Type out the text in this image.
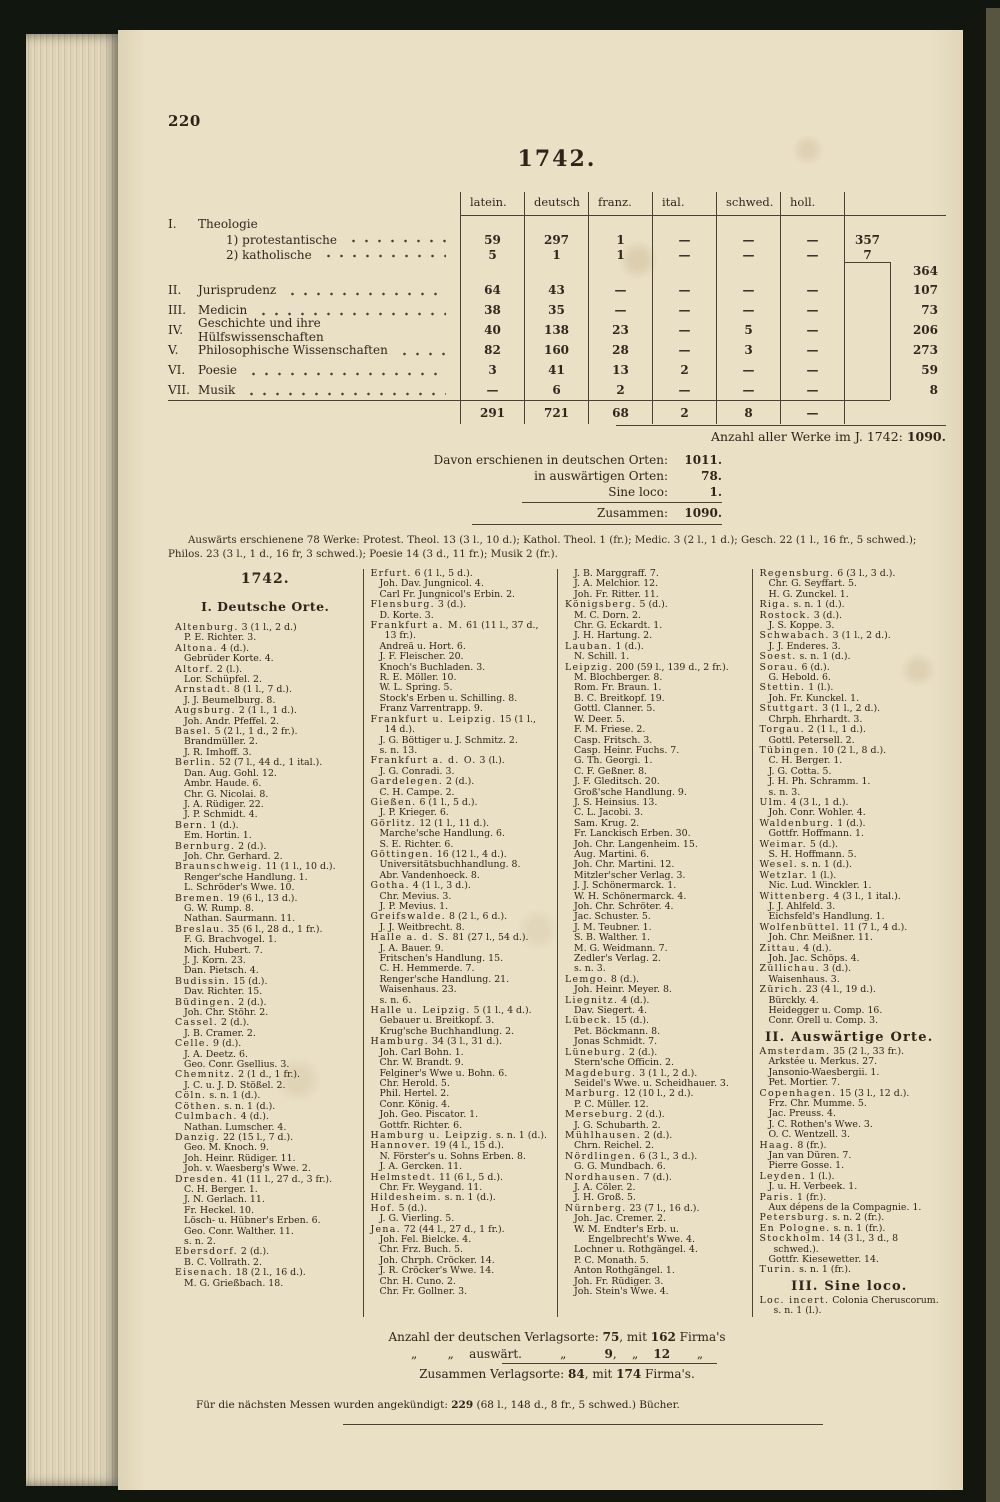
220
1742.
latein.	deutsch	franz.	ital.	schwed.	holl.
I.	Theologie
1) protestantische	59	297	1	—	—	—	357
2) katholische	5	1	1	—	—	—	7
364
II.	Jurisprudenz	64	43	—	—	—	—	107
III. Medicin	38	35	—	—	—	—	73
IV.	Geschichte und ihre Hülfswissenschaften	40	138	23	—	5	—	206
V.	Philosophische Wissenschaften	82	160	28	—	3	—	273
VI.	Poesie	3	41	13	2	—	—	59
VII. Musik	—	6	2	—	—	—	8
291	721	68	2	8	—
Anzahl aller Werke im J. 1742: 1090.
Davon erschienen in deutschen Orten:	1011.
in auswärtigen Orten:	78.
Sine loco:	1.
Zusammen:	1090.

Auswärts erschienene 78 Werke: Protest. Theol. 13 (3 l., 10 d.); Kathol. Theol. 1 (fr.); Medic. 3 (2 l., 1 d.); Gesch. 22 (1 l., 16 fr., 5 schwed.); Philos. 23 (3 l., 1 d., 16 fr, 3 schwed.); Poesie 14 (3 d., 11 fr.); Musik 2 (fr.).

1742.
I. Deutsche Orte.
Altenburg. 3 (1 l., 2 d.)
P. E. Richter. 3.
Altona. 4 (d.).
Gebrüder Korte. 4.
Altorf. 2 (l.).
Lor. Schüpfel. 2.
Arnstadt. 8 (1 l., 7 d.).
J. J. Beumelburg. 8.
Augsburg. 2 (1 l., 1 d.).
Joh. Andr. Pfeffel. 2.
Basel. 5 (2 l., 1 d., 2 fr.).
Brandmüller. 2.
J. R. Imhoff. 3.
Berlin. 52 (7 l., 44 d., 1 ital.).
Dan. Aug. Gohl. 12.
Ambr. Haude. 6.
Chr. G. Nicolai. 8.
J. A. Rüdiger. 22.
J. P. Schmidt. 4.
Bern. 1 (d.).
Em. Hortin. 1.
Bernburg. 2 (d.).
Joh. Chr. Gerhard. 2.
Braunschweig. 11 (1 l., 10 d.).
Renger'sche Handlung. 1.
L. Schröder's Wwe. 10.
Bremen. 19 (6 l., 13 d.).
G. W. Rump. 8.
Nathan. Saurmann. 11.
Breslau. 35 (6 l., 28 d., 1 fr.).
F. G. Brachvogel. 1.
Mich. Hubert. 7.
J. J. Korn. 23.
Dan. Pietsch. 4.
Budissin. 15 (d.).
Dav. Richter. 15.
Büdingen. 2 (d.).
Joh. Chr. Stöhr. 2.
Cassel. 2 (d.).
J. B. Cramer. 2.
Celle. 9 (d.).
J. A. Deetz. 6.
Geo. Conr. Gsellius. 3.
Chemnitz. 2 (1 d., 1 fr.).
J. C. u. J. D. Stößel. 2.
Cöln. s. n. 1 (d.).
Cöthen. s. n. 1 (d.).
Culmbach. 4 (d.).
Nathan. Lumscher. 4.
Danzig. 22 (15 l., 7 d.).
Geo. M. Knoch. 9.
Joh. Heinr. Rüdiger. 11.
Joh. v. Waesberg's Wwe. 2.
Dresden. 41 (11 l., 27 d., 3 fr.).
C. H. Berger. 1.
J. N. Gerlach. 11.
Fr. Heckel. 10.
Lösch- u. Hübner's Erben. 6.
Geo. Conr. Walther. 11.
s. n. 2.
Ebersdorf. 2 (d.).
B. C. Vollrath. 2.
Eisenach. 18 (2 l., 16 d.).
M. G. Grießbach. 18.
Erfurt. 6 (1 l., 5 d.).
Joh. Dav. Jungnicol. 4.
Carl Fr. Jungnicol's Erbin. 2.
Flensburg. 3 (d.).
D. Korte. 3.
Frankfurt a. M. 61 (11 l., 37 d., 13 fr.).
Andreä u. Hort. 6.
J. F. Fleischer. 20.
Knoch's Buchladen. 3.
R. E. Möller. 10.
W. L. Spring. 5.
Stock's Erben u. Schilling. 8.
Franz Varrentrapp. 9.
Frankfurt u. Leipzig. 15 (1 l., 14 d.).
J. G. Böttiger u. J. Schmitz. 2.
s. n. 13.
Frankfurt a. d. O. 3 (l.).
J. G. Conradi. 3.
Gardelegen. 2 (d.).
C. H. Campe. 2.
Gießen. 6 (1 l., 5 d.).
J. P. Krieger. 6.
Görlitz. 12 (1 l., 11 d.).
Marche'sche Handlung. 6.
S. E. Richter. 6.
Göttingen. 16 (12 l., 4 d.).
Universitätsbuchhandlung. 8.
Abr. Vandenhoeck. 8.
Gotha. 4 (1 l., 3 d.).
Chr. Mevius. 3.
J. P. Mevius. 1.
Greifswalde. 8 (2 l., 6 d.).
J. J. Weitbrecht. 8.
Halle a. d. S. 81 (27 l., 54 d.).
J. A. Bauer. 9.
Fritschen's Handlung. 15.
C. H. Hemmerde. 7.
Renger'sche Handlung. 21.
Waisenhaus. 23.
s. n. 6.
Halle u. Leipzig. 5 (1 l., 4 d.).
Gebauer u. Breitkopf. 3.
Krug'sche Buchhandlung. 2.
Hamburg. 34 (3 l., 31 d.).
Joh. Carl Bohn. 1.
Chr. W. Brandt. 9.
Felginer's Wwe u. Bohn. 6.
Chr. Herold. 5.
Phil. Hertel. 2.
Conr. König. 4.
Joh. Geo. Piscator. 1.
Gottfr. Richter. 6.
Hamburg u. Leipzig. s. n. 1 (d.).
Hannover. 19 (4 l., 15 d.).
N. Förster's u. Sohns Erben. 8.
J. A. Gercken. 11.
Helmstedt. 11 (6 l., 5 d.).
Chr. Fr. Weygand. 11.
Hildesheim. s. n. 1 (d.).
Hof. 5 (d.).
J. G. Vierling. 5.
Jena. 72 (44 l., 27 d., 1 fr.).
Joh. Fel. Bielcke. 4.
Chr. Frz. Buch. 5.
Joh. Chrph. Cröcker. 14.
J. R. Cröcker's Wwe. 14.
Chr. H. Cuno. 2.
Chr. Fr. Gollner. 3.
J. B. Marggraff. 7.
J. A. Melchior. 12.
Joh. Fr. Ritter. 11.
Königsberg. 5 (d.).
M. C. Dorn. 2.
Chr. G. Eckardt. 1.
J. H. Hartung. 2.
Lauban. 1 (d.).
N. Schill. 1.
Leipzig. 200 (59 l., 139 d., 2 fr.).
M. Blochberger. 8.
Rom. Fr. Braun. 1.
B. C. Breitkopf. 19.
Gottl. Clanner. 5.
W. Deer. 5.
F. M. Friese. 2.
Casp. Fritsch. 3.
Casp. Heinr. Fuchs. 7.
G. Th. Georgi. 1.
C. F. Geßner. 8.
J. F. Gleditsch. 20.
Groß'sche Handlung. 9.
J. S. Heinsius. 13.
C. L. Jacobi. 3.
Sam. Krug. 2.
Fr. Lanckisch Erben. 30.
Joh. Chr. Langenheim. 15.
Aug. Martini. 6.
Joh. Chr. Martini. 12.
Mitzler'scher Verlag. 3.
J. J. Schönermarck. 1.
W. H. Schönermarck. 4.
Joh. Chr. Schröter. 4.
Jac. Schuster. 5.
J. M. Teubner. 1.
S. B. Walther. 1.
M. G. Weidmann. 7.
Zedler's Verlag. 2.
s. n. 3.
Lemgo. 8 (d.).
Joh. Heinr. Meyer. 8.
Liegnitz. 4 (d.).
Dav. Siegert. 4.
Lübeck. 15 (d.).
Pet. Böckmann. 8.
Jonas Schmidt. 7.
Lüneburg. 2 (d.).
Stern'sche Officin. 2.
Magdeburg. 3 (1 l., 2 d.).
Seidel's Wwe. u. Scheidhauer. 3.
Marburg. 12 (10 l., 2 d.).
P. C. Müller. 12.
Merseburg. 2 (d.).
J. G. Schubarth. 2.
Mühlhausen. 2 (d.).
Chrn. Reichel. 2.
Nördlingen. 6 (3 l., 3 d.).
G. G. Mundbach. 6.
Nordhausen. 7 (d.).
J. A. Cöler. 2.
J. H. Groß. 5.
Nürnberg. 23 (7 l., 16 d.).
Joh. Jac. Cremer. 2.
W. M. Endter's Erb. u. Engelbrecht's Wwe. 4.
Lochner u. Rothgängel. 4.
P. C. Monath. 5.
Anton Rothgängel. 1.
Joh. Fr. Rüdiger. 3.
Joh. Stein's Wwe. 4.
Regensburg. 6 (3 l., 3 d.).
Chr. G. Seyffart. 5.
H. G. Zunckel. 1.
Riga. s. n. 1 (d.).
Rostock. 3 (d.).
J. S. Koppe. 3.
Schwabach. 3 (1 l., 2 d.).
J. J. Enderes. 3.
Soest. s. n. 1 (d.).
Sorau. 6 (d.).
G. Hebold. 6.
Stettin. 1 (l.).
Joh. Fr. Kunckel. 1.
Stuttgart. 3 (1 l., 2 d.).
Chrph. Ehrhardt. 3.
Torgau. 2 (1 l., 1 d.).
Gottl. Petersell. 2.
Tübingen. 10 (2 l., 8 d.).
C. H. Berger. 1.
J. G. Cotta. 5.
J. H. Ph. Schramm. 1.
s. n. 3.
Ulm. 4 (3 l., 1 d.).
Joh. Conr. Wohler. 4.
Waldenburg. 1 (d.).
Gottfr. Hoffmann. 1.
Weimar. 5 (d.).
S. H. Hoffmann. 5.
Wesel. s. n. 1 (d.).
Wetzlar. 1 (l.).
Nic. Lud. Winckler. 1.
Wittenberg. 4 (3 l., 1 ital.).
J. J. Ahlfeld. 3.
Eichsfeld's Handlung. 1.
Wolfenbüttel. 11 (7 l., 4 d.).
Joh. Chr. Meißner. 11.
Zittau. 4 (d.).
Joh. Jac. Schöps. 4.
Züllichau. 3 (d.).
Waisenhaus. 3.
Zürich. 23 (4 l., 19 d.).
Bürckly. 4.
Heidegger u. Comp. 16.
Conr. Orell u. Comp. 3.
II. Auswärtige Orte.
Amsterdam. 35 (2 l., 33 fr.).
Arkstée u. Merkus. 27.
Jansonio-Waesbergii. 1.
Pet. Mortier. 7.
Copenhagen. 15 (3 l., 12 d.).
Frz. Chr. Mumme. 5.
Jac. Preuss. 4.
J. C. Rothen's Wwe. 3.
O. C. Wentzell. 3.
Haag. 8 (fr.).
Jan van Düren. 7.
Pierre Gosse. 1.
Leyden. 1 (l.).
J. u. H. Verbeek. 1.
Paris. 1 (fr.).
Aux dépens de la Compagnie. 1.
Petersburg. s. n. 2 (fr.).
En Pologne. s. n. 1 (fr.).
Stockholm. 14 (3 l., 3 d., 8 schwed.).
Gottfr. Kiesewetter. 14.
Turin. s. n. 1 (fr.).
III. Sine loco.
Loc. incert. Colonia Cheruscorum. s. n. 1 (l.).
Anzahl der deutschen Verlagsorte: 75, mit 162 Firma's
„        „    auswärt.          „          9,    „    12       „
Zusammen Verlagsorte: 84, mit 174 Firma's.
Für die nächsten Messen wurden angekündigt: 229 (68 l., 148 d., 8 fr., 5 schwed.) Bücher.
